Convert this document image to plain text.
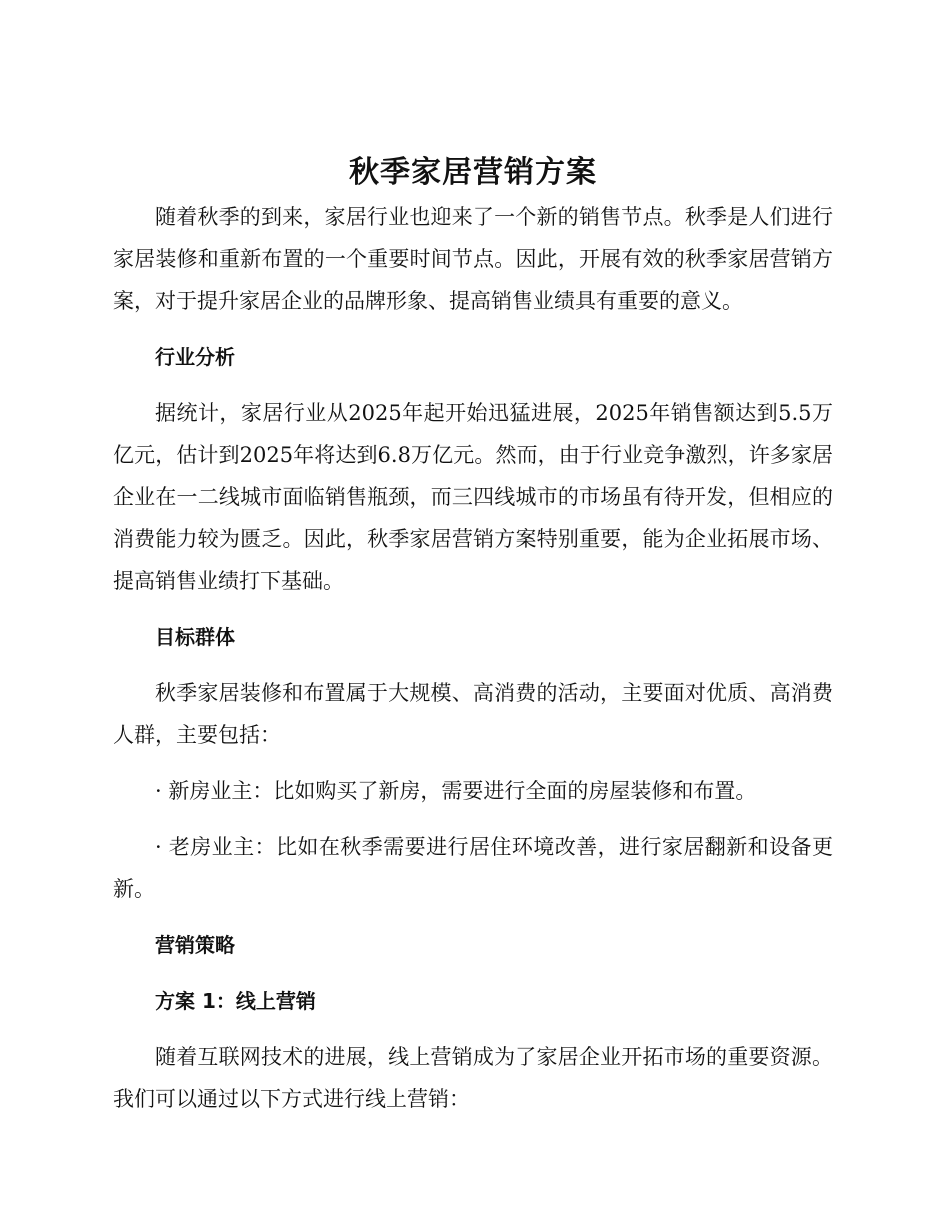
秋季家居营销方案

随着秋季的到来，家居行业也迎来了一个新的销售节点。秋季是人们进行家居装修和重新布置的一个重要时间节点。因此，开展有效的秋季家居营销方案，对于提升家居企业的品牌形象、提高销售业绩具有重要的意义。

行业分析

据统计，家居行业从2025年起开始迅猛进展，2025年销售额达到5.5万亿元，估计到2025年将达到6.8万亿元。然而，由于行业竞争激烈，许多家居企业在一二线城市面临销售瓶颈，而三四线城市的市场虽有待开发，但相应的消费能力较为匮乏。因此，秋季家居营销方案特别重要，能为企业拓展市场、提高销售业绩打下基础。

目标群体

秋季家居装修和布置属于大规模、高消费的活动，主要面对优质、高消费人群，主要包括：

· 新房业主：比如购买了新房，需要进行全面的房屋装修和布置。

· 老房业主：比如在秋季需要进行居住环境改善，进行家居翻新和设备更新。

营销策略
方案 1：线上营销

随着互联网技术的进展，线上营销成为了家居企业开拓市场的重要资源。我们可以通过以下方式进行线上营销：
